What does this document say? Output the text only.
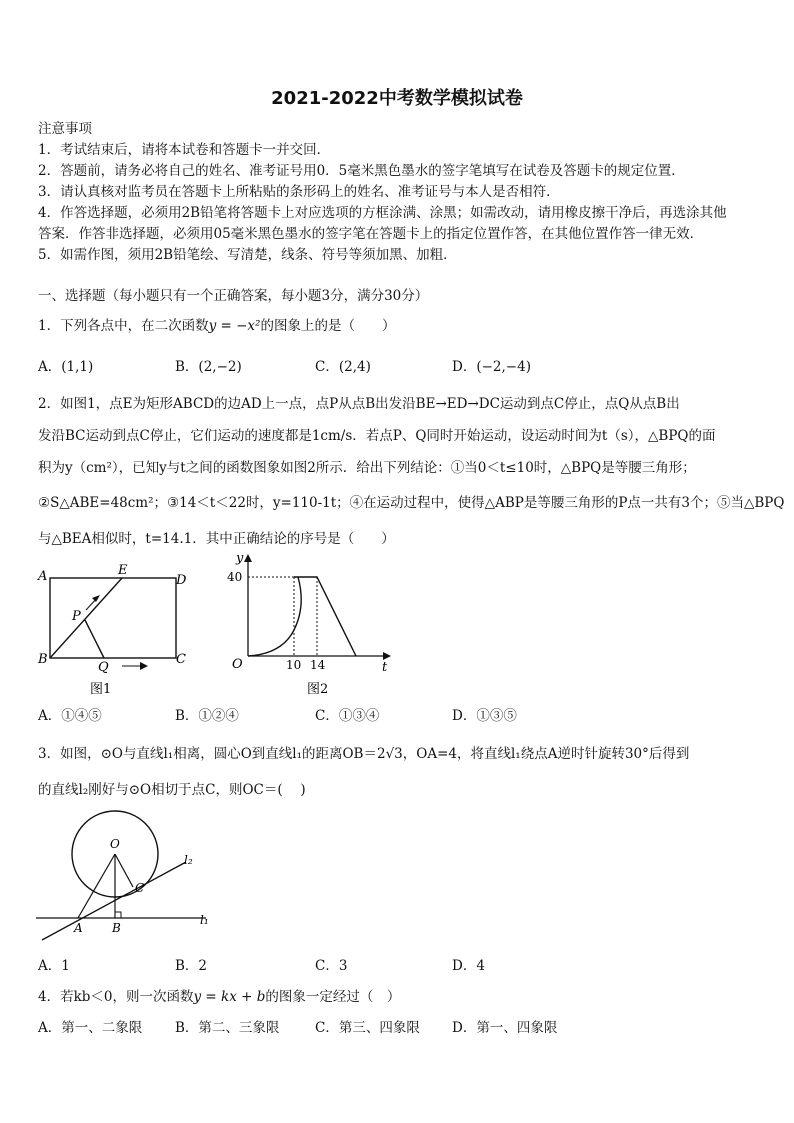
2021-2022中考数学模拟试卷
注意事项
1．考试结束后，请将本试卷和答题卡一并交回．
2．答题前，请务必将自己的姓名、准考证号用0．5毫米黑色墨水的签字笔填写在试卷及答题卡的规定位置．
3．请认真核对监考员在答题卡上所粘贴的条形码上的姓名、准考证号与本人是否相符．
4．作答选择题，必须用2B铅笔将答题卡上对应选项的方框涂满、涂黑；如需改动，请用橡皮擦干净后，再选涂其他
答案．作答非选择题，必须用05毫米黑色墨水的签字笔在答题卡上的指定位置作答，在其他位置作答一律无效．
5．如需作图，须用2B铅笔绘、写清楚，线条、符号等须加黑、加粗．
一、选择题（每小题只有一个正确答案，每小题3分，满分30分）
1．下列各点中，在二次函数y = −x²的图象上的是（　　）
A．(1,1)	B．(2,−2)	C．(2,4)	D．(−2,−4)
2．如图1，点E为矩形ABCD的边AD上一点，点P从点B出发沿BE→ED→DC运动到点C停止，点Q从点B出
发沿BC运动到点C停止，它们运动的速度都是1cm/s．若点P、Q同时开始运动，设运动时间为t（s），△BPQ的面
积为y（cm²），已知y与t之间的函数图象如图2所示．给出下列结论：①当0＜t≤10时，△BPQ是等腰三角形；
②S△ABE=48cm²；③14＜t＜22时，y=110-1t；④在运动过程中，使得△ABP是等腰三角形的P点一共有3个；⑤当△BPQ
与△BEA相似时，t=14.1．其中正确结论的序号是（　　）
A	E
D
P
B
Q
C
图1
y
t
O
40
10 14
图2
A．①④⑤	B．①②④	C．①③④	D．①③⑤
3．如图，⊙O与直线l₁相离，圆心O到直线l₁的距离OB＝2√3，OA=4，将直线l₁绕点A逆时针旋转30°后得到
的直线l₂刚好与⊙O相切于点C，则OC＝(　 )
O
C
A B
l₁
l₂
A．1	B．2	C．3	D．4
4．若kb＜0，则一次函数y = kx + b的图象一定经过（　）
A．第一、二象限 B．第二、三象限	C．第三、四象限 D．第一、四象限
